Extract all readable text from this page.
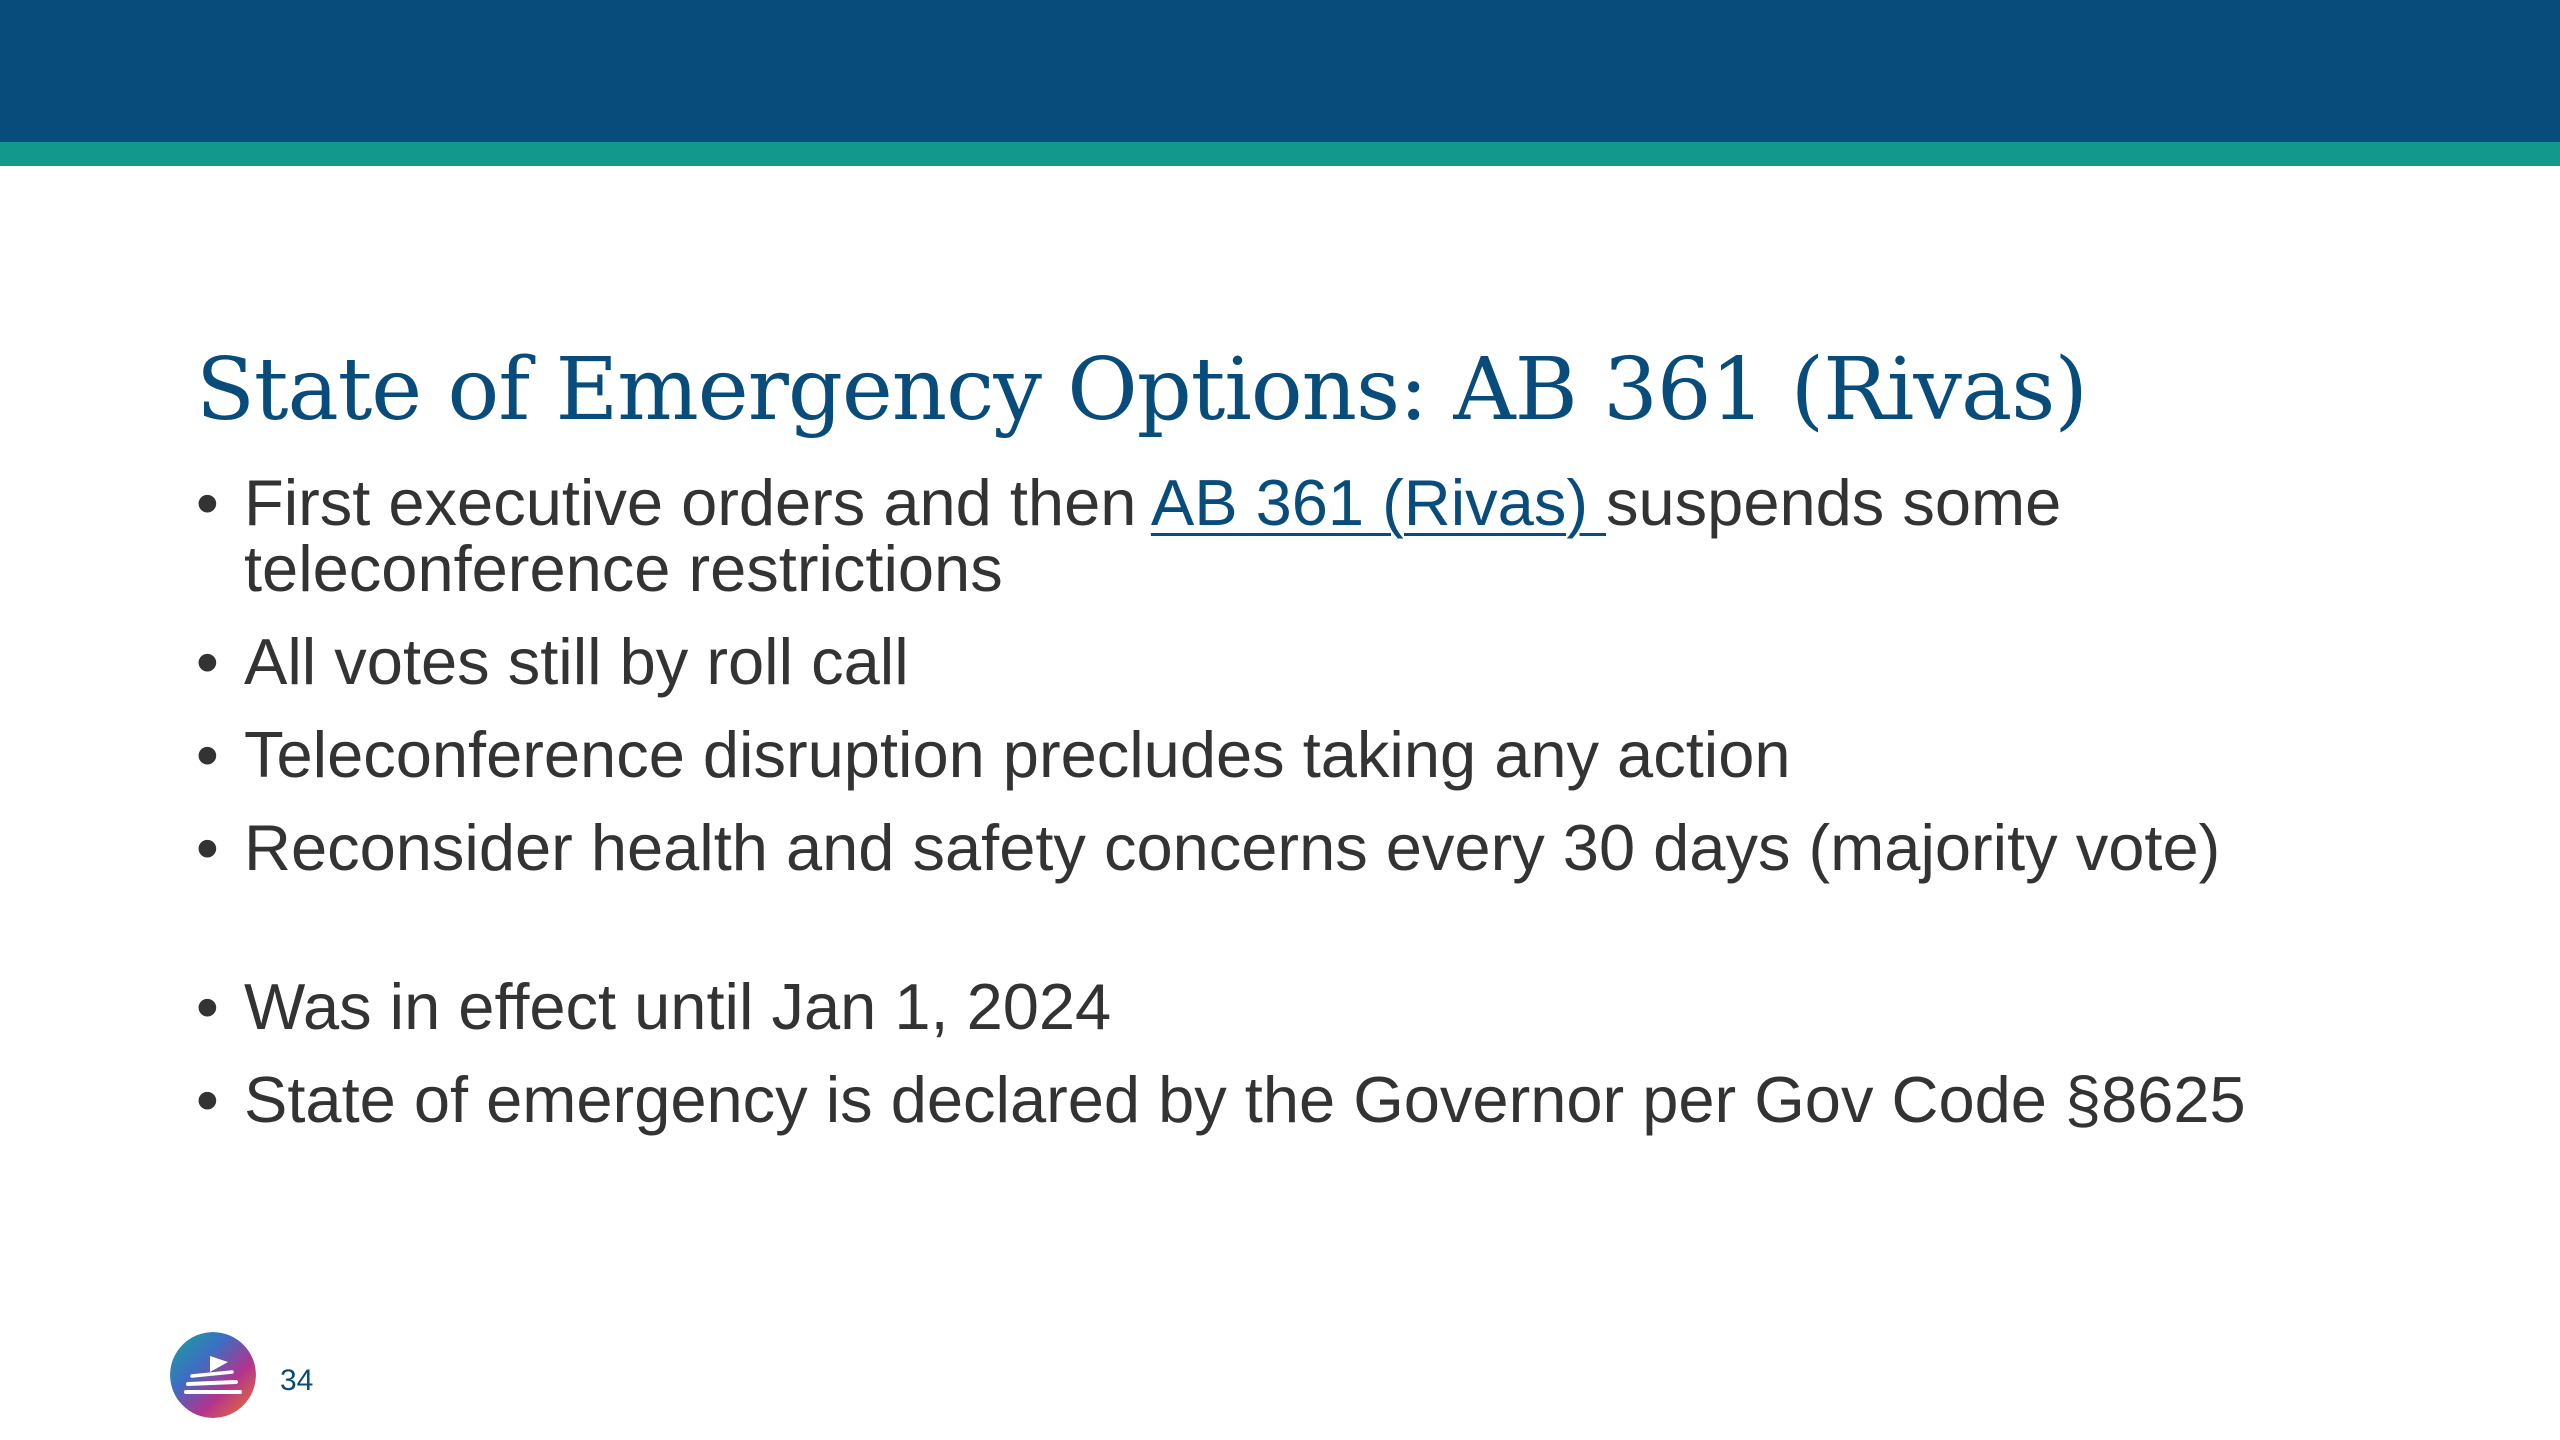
State of Emergency Options: AB 361 (Rivas)
• First executive orders and then AB 361 (Rivas) suspends some teleconference restrictions
• All votes still by roll call
• Teleconference disruption precludes taking any action
• Reconsider health and safety concerns every 30 days (majority vote)
• Was in effect until Jan 1, 2024
• State of emergency is declared by the Governor per Gov Code §8625
34
